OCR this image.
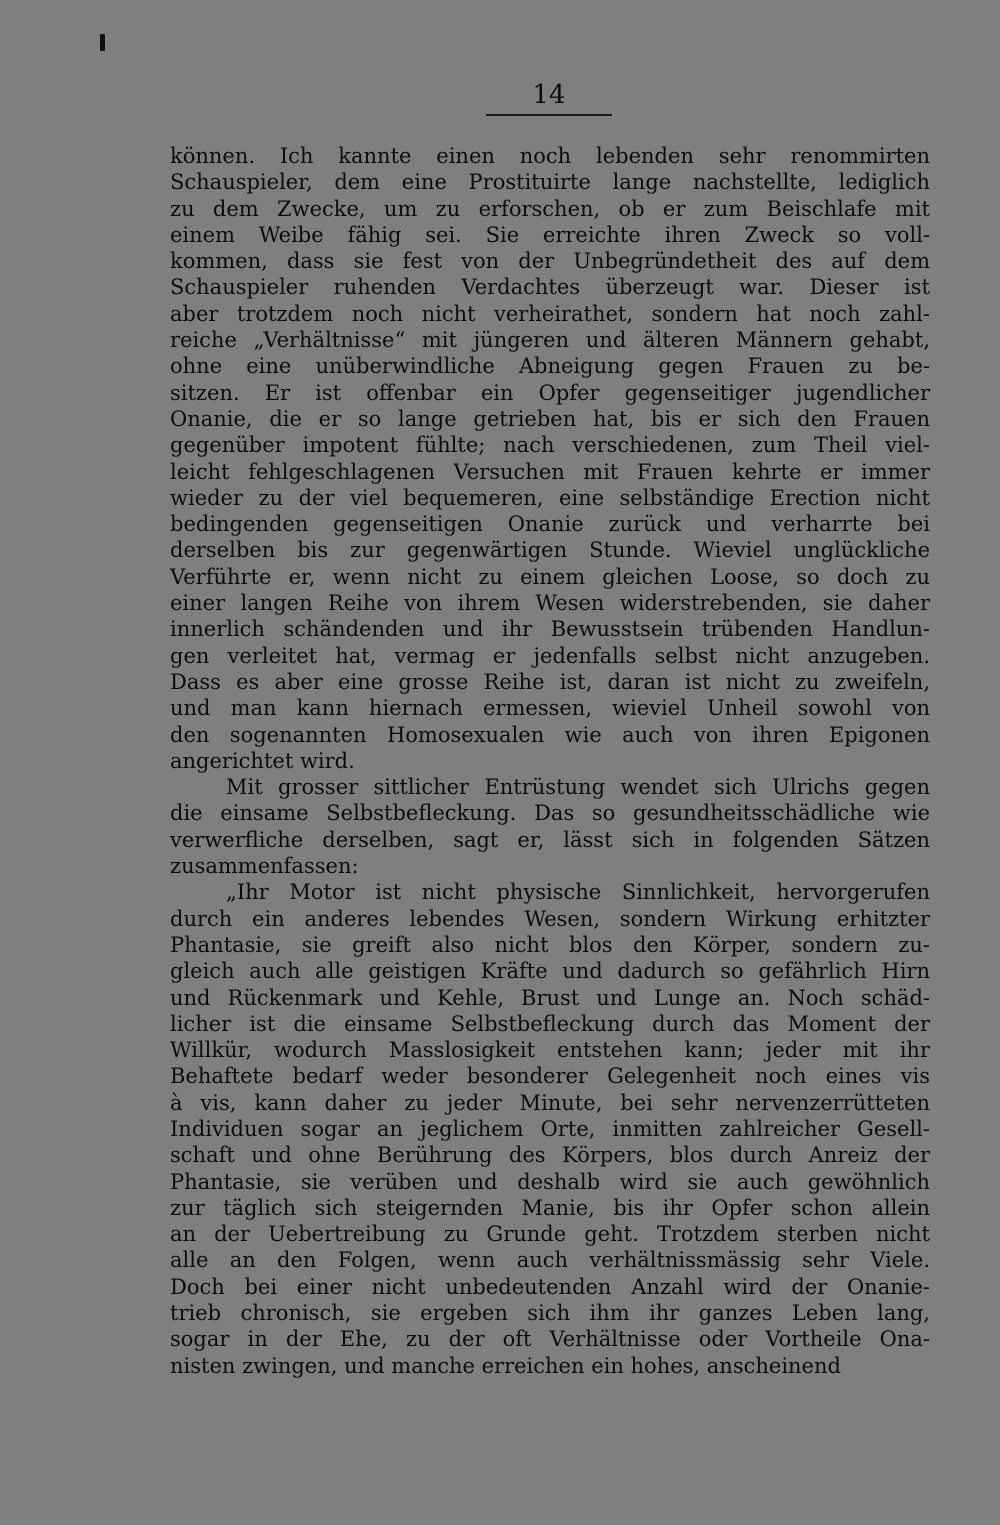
14
können. Ich kannte einen noch lebenden sehr renommirten
Schauspieler, dem eine Prostituirte lange nachstellte, lediglich
zu dem Zwecke, um zu erforschen, ob er zum Beischlafe mit
einem Weibe fähig sei. Sie erreichte ihren Zweck so voll-
kommen, dass sie fest von der Unbegründetheit des auf dem
Schauspieler ruhenden Verdachtes überzeugt war. Dieser ist
aber trotzdem noch nicht verheirathet, sondern hat noch zahl-
reiche „Verhältnisse“ mit jüngeren und älteren Männern gehabt,
ohne eine unüberwindliche Abneigung gegen Frauen zu be-
sitzen. Er ist offenbar ein Opfer gegenseitiger jugendlicher
Onanie, die er so lange getrieben hat, bis er sich den Frauen
gegenüber impotent fühlte; nach verschiedenen, zum Theil viel-
leicht fehlgeschlagenen Versuchen mit Frauen kehrte er immer
wieder zu der viel bequemeren, eine selbständige Erection nicht
bedingenden gegenseitigen Onanie zurück und verharrte bei
derselben bis zur gegenwärtigen Stunde. Wieviel unglückliche
Verführte er, wenn nicht zu einem gleichen Loose, so doch zu
einer langen Reihe von ihrem Wesen widerstrebenden, sie daher
innerlich schändenden und ihr Bewusstsein trübenden Handlun-
gen verleitet hat, vermag er jedenfalls selbst nicht anzugeben.
Dass es aber eine grosse Reihe ist, daran ist nicht zu zweifeln,
und man kann hiernach ermessen, wieviel Unheil sowohl von
den sogenannten Homosexualen wie auch von ihren Epigonen
angerichtet wird.
Mit grosser sittlicher Entrüstung wendet sich Ulrichs gegen
die einsame Selbstbefleckung. Das so gesundheitsschädliche wie
verwerfliche derselben, sagt er, lässt sich in folgenden Sätzen
zusammenfassen:
„Ihr Motor ist nicht physische Sinnlichkeit, hervorgerufen
durch ein anderes lebendes Wesen, sondern Wirkung erhitzter
Phantasie, sie greift also nicht blos den Körper, sondern zu-
gleich auch alle geistigen Kräfte und dadurch so gefährlich Hirn
und Rückenmark und Kehle, Brust und Lunge an. Noch schäd-
licher ist die einsame Selbstbefleckung durch das Moment der
Willkür, wodurch Masslosigkeit entstehen kann; jeder mit ihr
Behaftete bedarf weder besonderer Gelegenheit noch eines vis
à vis, kann daher zu jeder Minute, bei sehr nervenzerrütteten
Individuen sogar an jeglichem Orte, inmitten zahlreicher Gesell-
schaft und ohne Berührung des Körpers, blos durch Anreiz der
Phantasie, sie verüben und deshalb wird sie auch gewöhnlich
zur täglich sich steigernden Manie, bis ihr Opfer schon allein
an der Uebertreibung zu Grunde geht. Trotzdem sterben nicht
alle an den Folgen, wenn auch verhältnissmässig sehr Viele.
Doch bei einer nicht unbedeutenden Anzahl wird der Onanie-
trieb chronisch, sie ergeben sich ihm ihr ganzes Leben lang,
sogar in der Ehe, zu der oft Verhältnisse oder Vortheile Ona-
nisten zwingen, und manche erreichen ein hohes, anscheinend
